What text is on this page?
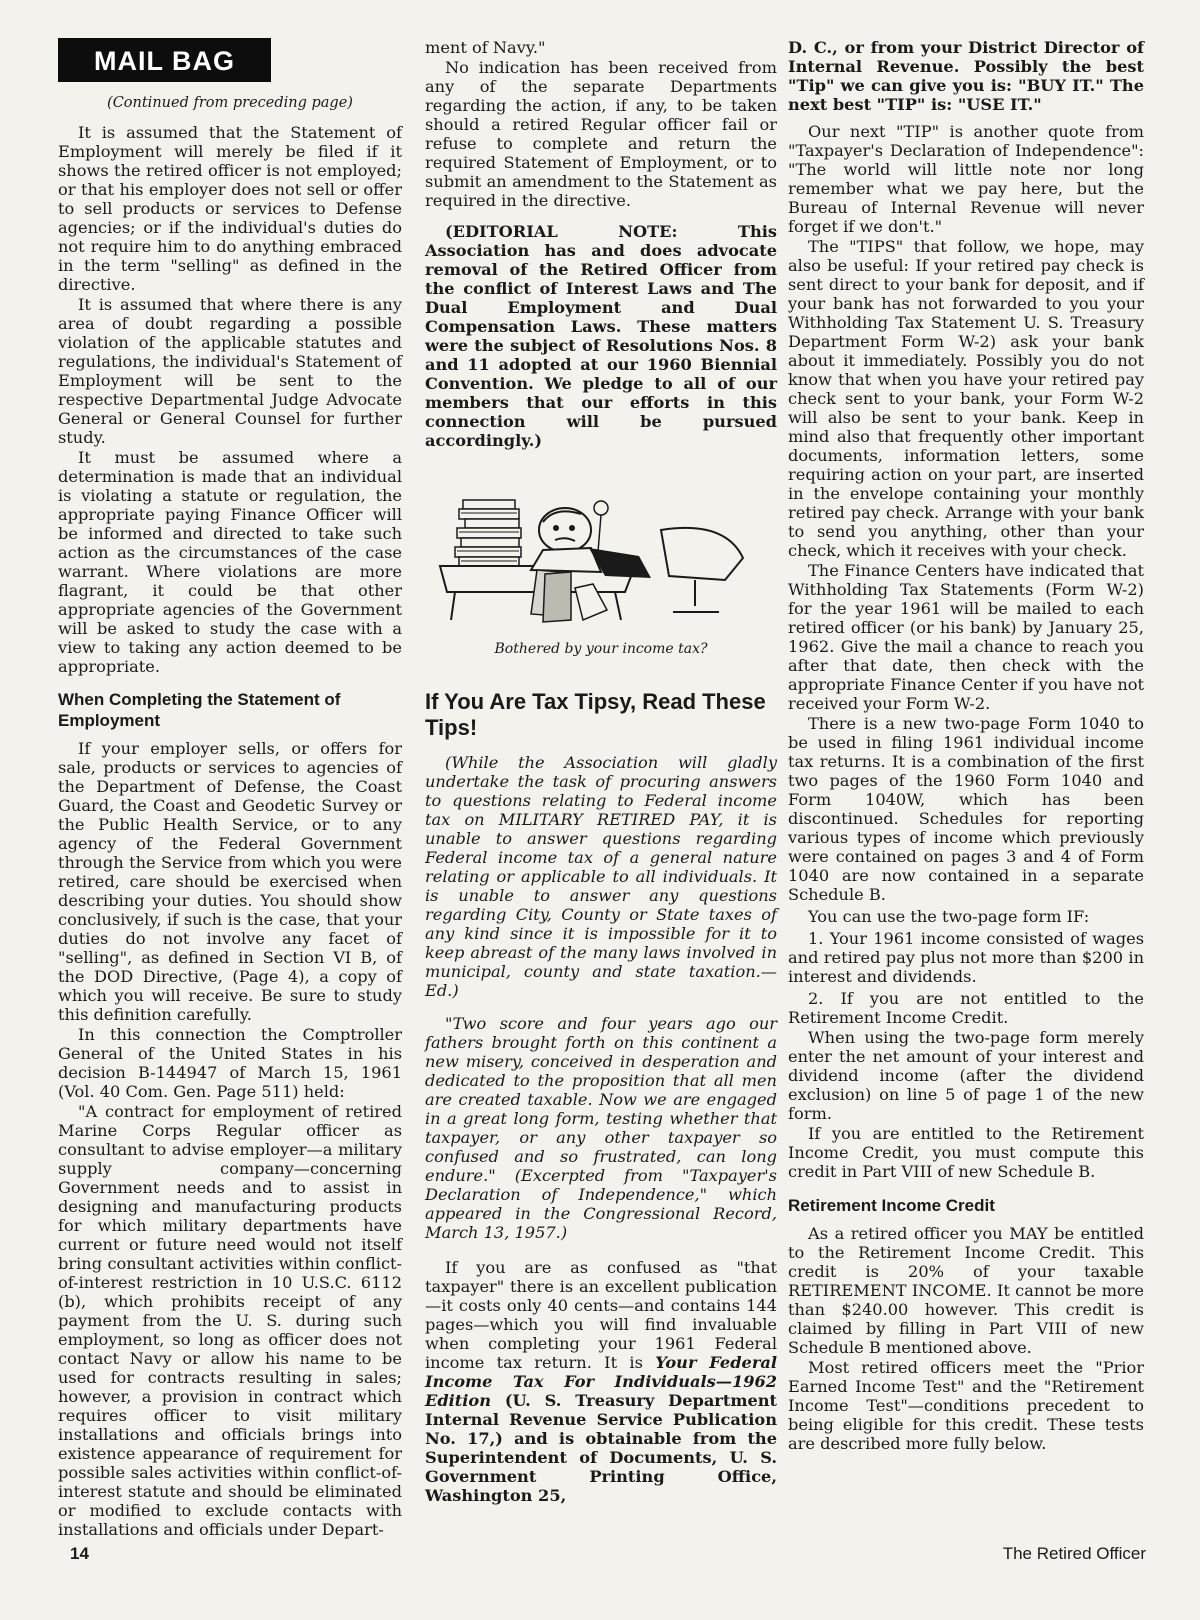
MAIL BAG
(Continued from preceding page)

It is assumed that the Statement of Employment will merely be filed if it shows the retired officer is not employed; or that his employer does not sell or offer to sell products or services to Defense agencies; or if the individual's duties do not require him to do anything embraced in the term "selling" as defined in the directive.

It is assumed that where there is any area of doubt regarding a possible violation of the applicable statutes and regulations, the individual's Statement of Employment will be sent to the respective Departmental Judge Advocate General or General Counsel for further study.

It must be assumed where a determination is made that an individual is violating a statute or regulation, the appropriate paying Finance Officer will be informed and directed to take such action as the circumstances of the case warrant. Where violations are more flagrant, it could be that other appropriate agencies of the Government will be asked to study the case with a view to taking any action deemed to be appropriate.

When Completing the Statement of Employment

If your employer sells, or offers for sale, products or services to agencies of the Department of Defense, the Coast Guard, the Coast and Geodetic Survey or the Public Health Service, or to any agency of the Federal Government through the Service from which you were retired, care should be exercised when describing your duties. You should show conclusively, if such is the case, that your duties do not involve any facet of "selling", as defined in Section VI B, of the DOD Directive, (Page 4), a copy of which you will receive. Be sure to study this definition carefully.

In this connection the Comptroller General of the United States in his decision B-144947 of March 15, 1961 (Vol. 40 Com. Gen. Page 511) held:

"A contract for employment of retired Marine Corps Regular officer as consultant to advise employer—a military supply company—concerning Government needs and to assist in designing and manufacturing products for which military departments have current or future need would not itself bring consultant activities within conflict-of-interest restriction in 10 U.S.C. 6112 (b), which prohibits receipt of any payment from the U. S. during such employment, so long as officer does not contact Navy or allow his name to be used for contracts resulting in sales; however, a provision in contract which requires officer to visit military installations and officials brings into existence appearance of requirement for possible sales activities within conflict-of-interest statute and should be eliminated or modified to exclude contacts with installations and officials under Depart-

ment of Navy."

No indication has been received from any of the separate Departments regarding the action, if any, to be taken should a retired Regular officer fail or refuse to complete and return the required Statement of Employment, or to submit an amendment to the Statement as required in the directive.

(EDITORIAL NOTE: This Association has and does advocate removal of the Retired Officer from the conflict of Interest Laws and The Dual Employment and Dual Compensation Laws. These matters were the subject of Resolutions Nos. 8 and 11 adopted at our 1960 Biennial Convention. We pledge to all of our members that our efforts in this connection will be pursued accordingly.)

Bothered by your income tax?
If You Are Tax Tipsy, Read These Tips!

(While the Association will gladly undertake the task of procuring answers to questions relating to Federal income tax on MILITARY RETIRED PAY, it is unable to answer questions regarding Federal income tax of a general nature relating or applicable to all individuals. It is unable to answer any questions regarding City, County or State taxes of any kind since it is impossible for it to keep abreast of the many laws involved in municipal, county and state taxation.—Ed.)

"Two score and four years ago our fathers brought forth on this continent a new misery, conceived in desperation and dedicated to the proposition that all men are created taxable. Now we are engaged in a great long form, testing whether that taxpayer, or any other taxpayer so confused and so frustrated, can long endure." (Excerpted from "Taxpayer's Declaration of Independence," which appeared in the Congressional Record, March 13, 1957.)

If you are as confused as "that taxpayer" there is an excellent publication —it costs only 40 cents—and contains 144 pages—which you will find invaluable when completing your 1961 Federal income tax return. It is Your Federal Income Tax For Individuals—1962 Edition (U. S. Treasury Department Internal Revenue Service Publication No. 17,) and is obtainable from the Superintendent of Documents, U. S. Government Printing Office, Washington 25,

D. C., or from your District Director of Internal Revenue. Possibly the best "Tip" we can give you is: "BUY IT." The next best "TIP" is: "USE IT."

Our next "TIP" is another quote from "Taxpayer's Declaration of Independence": "The world will little note nor long remember what we pay here, but the Bureau of Internal Revenue will never forget if we don't."

The "TIPS" that follow, we hope, may also be useful: If your retired pay check is sent direct to your bank for deposit, and if your bank has not forwarded to you your Withholding Tax Statement U. S. Treasury Department Form W-2) ask your bank about it immediately. Possibly you do not know that when you have your retired pay check sent to your bank, your Form W-2 will also be sent to your bank. Keep in mind also that frequently other important documents, information letters, some requiring action on your part, are inserted in the envelope containing your monthly retired pay check. Arrange with your bank to send you anything, other than your check, which it receives with your check.

The Finance Centers have indicated that Withholding Tax Statements (Form W-2) for the year 1961 will be mailed to each retired officer (or his bank) by January 25, 1962. Give the mail a chance to reach you after that date, then check with the appropriate Finance Center if you have not received your Form W-2.

There is a new two-page Form 1040 to be used in filing 1961 individual income tax returns. It is a combination of the first two pages of the 1960 Form 1040 and Form 1040W, which has been discontinued. Schedules for reporting various types of income which previously were contained on pages 3 and 4 of Form 1040 are now contained in a separate Schedule B.

You can use the two-page form IF:

1. Your 1961 income consisted of wages and retired pay plus not more than $200 in interest and dividends.

2. If you are not entitled to the Retirement Income Credit.

When using the two-page form merely enter the net amount of your interest and dividend income (after the dividend exclusion) on line 5 of page 1 of the new form.

If you are entitled to the Retirement Income Credit, you must compute this credit in Part VIII of new Schedule B.

Retirement Income Credit

As a retired officer you MAY be entitled to the Retirement Income Credit. This credit is 20% of your taxable RETIREMENT INCOME. It cannot be more than $240.00 however. This credit is claimed by filling in Part VIII of new Schedule B mentioned above.

Most retired officers meet the "Prior Earned Income Test" and the "Retirement Income Test"—conditions precedent to being eligible for this credit. These tests are described more fully below.

14	The Retired Officer
